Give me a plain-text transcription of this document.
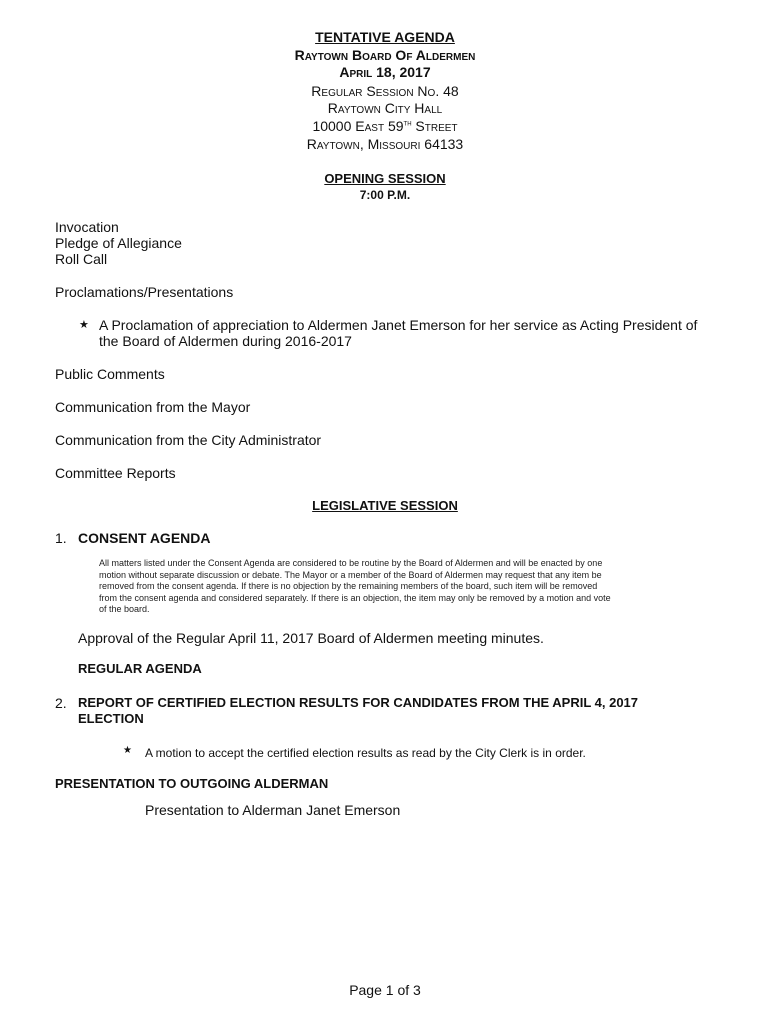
TENTATIVE AGENDA
Raytown Board Of Aldermen
April 18, 2017
Regular Session No. 48
Raytown City Hall
10000 East 59th Street
Raytown, Missouri 64133
OPENING SESSION
7:00 P.M.
Invocation
Pledge of Allegiance
Roll Call
Proclamations/Presentations
★ A Proclamation of appreciation to Aldermen Janet Emerson for her service as Acting President of
the Board of Aldermen during 2016-2017
Public Comments
Communication from the Mayor
Communication from the City Administrator
Committee Reports
LEGISLATIVE SESSION
1. CONSENT AGENDA
All matters listed under the Consent Agenda are considered to be routine by the Board of Aldermen and will be enacted by one
motion without separate discussion or debate. The Mayor or a member of the Board of Aldermen may request that any item be
removed from the consent agenda. If there is no objection by the remaining members of the board, such item will be removed
from the consent agenda and considered separately. If there is an objection, the item may only be removed by a motion and vote
of the board.
Approval of the Regular April 11, 2017 Board of Aldermen meeting minutes.
REGULAR AGENDA
2. REPORT OF CERTIFIED ELECTION RESULTS FOR CANDIDATES FROM THE APRIL 4, 2017
ELECTION
★ A motion to accept the certified election results as read by the City Clerk is in order.
PRESENTATION TO OUTGOING ALDERMAN
Presentation to Alderman Janet Emerson
Page 1 of 3
